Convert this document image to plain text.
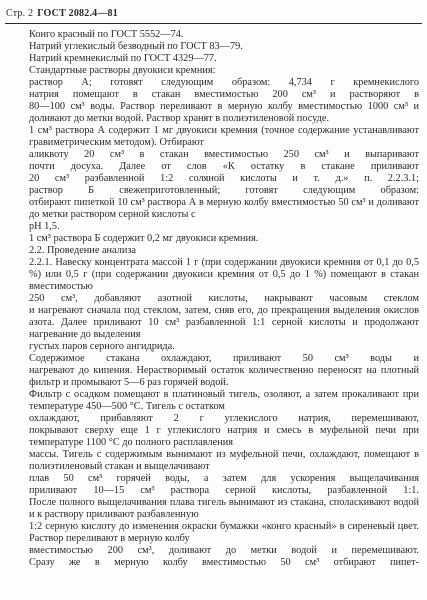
Стр. 2 ГОСТ 2082.4—81
Конго красный по ГОСТ 5552—74.
Натрий углекислый безводный по ГОСТ 83—79.
Натрий кремнекислый по ГОСТ 4329—77.
Стандартные растворы двуокиси кремния:
раствор А; готовят следующим образом: 4,734 г кремнекислого
натрия помещают в стакан вместимостью 200 см³ и растворяют в
80—100 см³ воды. Раствор переливают в мерную колбу вместимостью 1000 см³ и доливают до метки водой. Раствор хранят в полиэтиленовой посуде.
1 см³ раствора А содержит 1 мг двуокиси кремния (точное содержание устанавливают гравиметрическим методом). Отбирают
аликвоту 20 см³ в стакан вместимостью 250 см³ и выпаривают
почти досуха. Далее от слов «К остатку в стакане приливают
20 см³ разбавленной 1:2 соляной кислоты и т. д.» п. 2.2.3.1;
раствор Б свежеприготовленный; готовят следующим образом:
отбирают пипеткой 10 см³ раствора А в мерную колбу вместимостью 50 см³ и доливают до метки раствором серной кислоты с
pH 1,5.
1 см³ раствора Б содержит 0,2 мг двуокиси кремния.
2.2. Проведение анализа
2.2.1. Навеску концентрата массой 1 г (при содержании двуокиси кремния от 0,1 до 0,5 %) или 0,5 г (при содержании двуокиси кремния от 0,5 до 1 %) помещают в стакан вместимостью
250 см³, добавляют азотной кислоты, накрывают часовым стеклом
и нагревают сначала под стеклом, затем, сняв его, до прекращения выделения окислов азота. Далее приливают 10 см³ разбавленной 1:1 серной кислоты и продолжают нагревание до выделения
густых паров серного ангидрида.
Содержимое стакана охлаждают, приливают 50 см³ воды и
нагревают до кипения. Нерастворимый остаток количественно переносят на плотный фильтр и промывают 5—6 раз горячей водой.
Фильтр с осадком помещают в платиновый тигель, озоляют, а затем прокаливают при температуре 450—500 °C. Тигель с остатком
охлаждают, прибавляют 2 г углекислого натрия, перемешивают,
покрывают сверху еще 1 г углекислого натрия и смесь в муфельной печи при температуре 1100 °C до полного расплавления
массы. Тигель с содержимым вынимают из муфельной печи, охлаждают, помещают в полиэтиленовый стакан и выщелачивают
плав 50 см³ горячей воды, а затем для ускорения выщелачивания
приливают 10—15 см³ раствора серной кислоты, разбавленной 1:1.
После полного выщелачивания плава тигель вынимают из стакана, споласкивают водой и к раствору приливают разбавленную
1:2 серную кислоту до изменения окраски бумажки «конго красный» в сиреневый цвет. Раствор переливают в мерную колбу
вместимостью 200 см³, доливают до метки водой и перемешивают.
Сразу же в мерную колбу вместимостью 50 см³ отбирают пипет-
